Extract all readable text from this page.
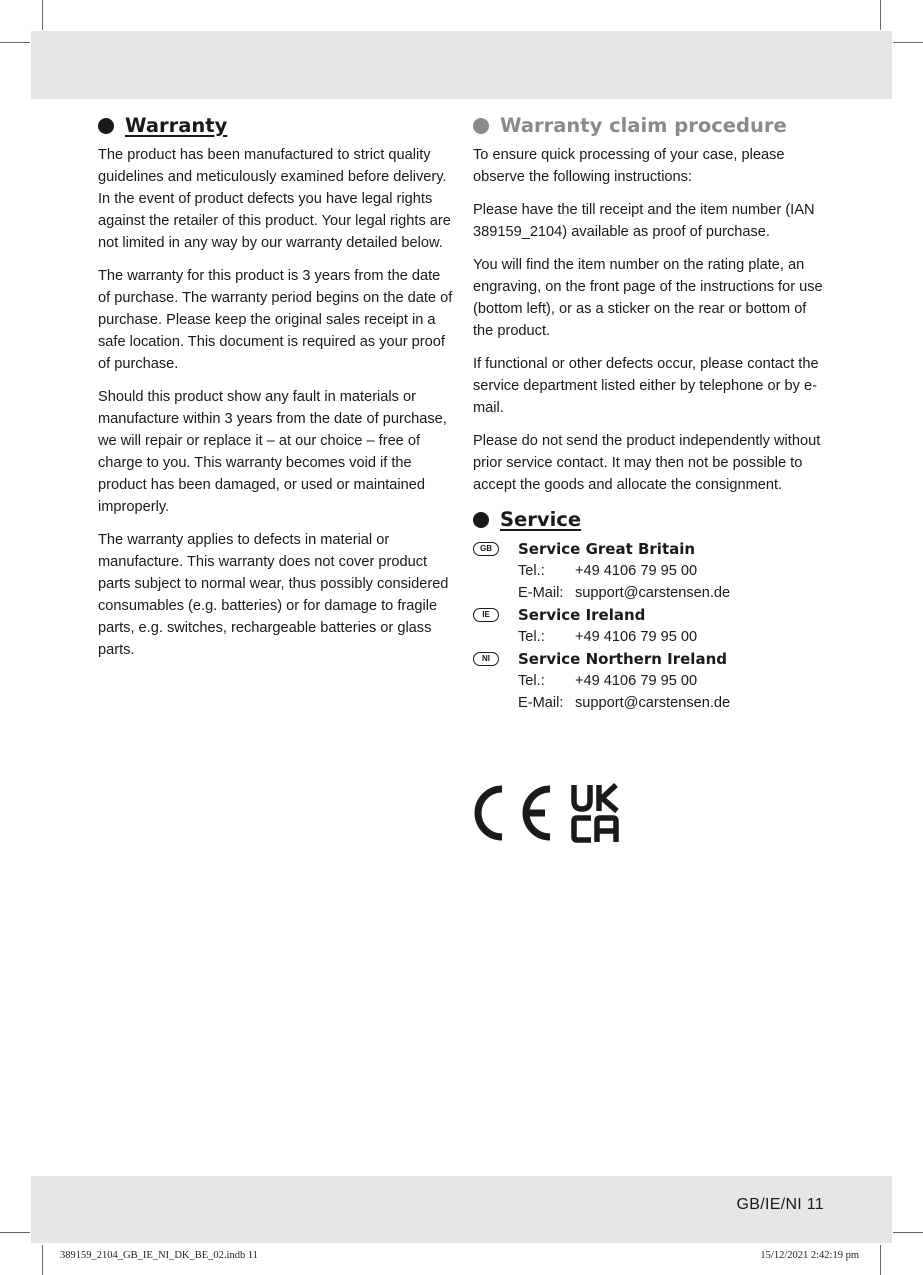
Warranty

The product has been manufactured to strict quality guidelines and meticulously examined before delivery. In the event of product defects you have legal rights against the retailer of this product. Your legal rights are not limited in any way by our warranty detailed below.

The warranty for this product is 3 years from the date of purchase. The warranty period begins on the date of purchase. Please keep the original sales receipt in a safe location. This document is required as your proof of purchase.

Should this product show any fault in materials or manufacture within 3 years from the date of purchase, we will repair or replace it – at our choice – free of charge to you. This warranty becomes void if the product has been damaged, or used or maintained improperly.

The warranty applies to defects in material or manufacture. This warranty does not cover product parts subject to normal wear, thus possibly considered consumables (e.g. batteries) or for damage to fragile parts, e.g. switches, rechargeable batteries or glass parts.

Warranty claim procedure

To ensure quick processing of your case, please observe the following instructions:

Please have the till receipt and the item number (IAN 389159_2104) available as proof of purchase.

You will find the item number on the rating plate, an engraving, on the front page of the instructions for use (bottom left), or as a sticker on the rear or bottom of the product.

If functional or other defects occur, please contact the service department listed either by telephone or by e-mail.

Please do not send the product independently without prior service contact. It may then not be possible to accept the goods and allocate the consignment.

Service
GB	Service Great Britain
Tel.:	+49 4106 79 95 00
E-Mail: support@carstensen.de
IE	Service Ireland
Tel.:	+49 4106 79 95 00
NI	Service Northern Ireland
Tel.:	+49 4106 79 95 00
E-Mail: support@carstensen.de
GB/IE/NI 11
389159_2104_GB_IE_NI_DK_BE_02.indb 11	15/12/2021 2:42:19 pm
